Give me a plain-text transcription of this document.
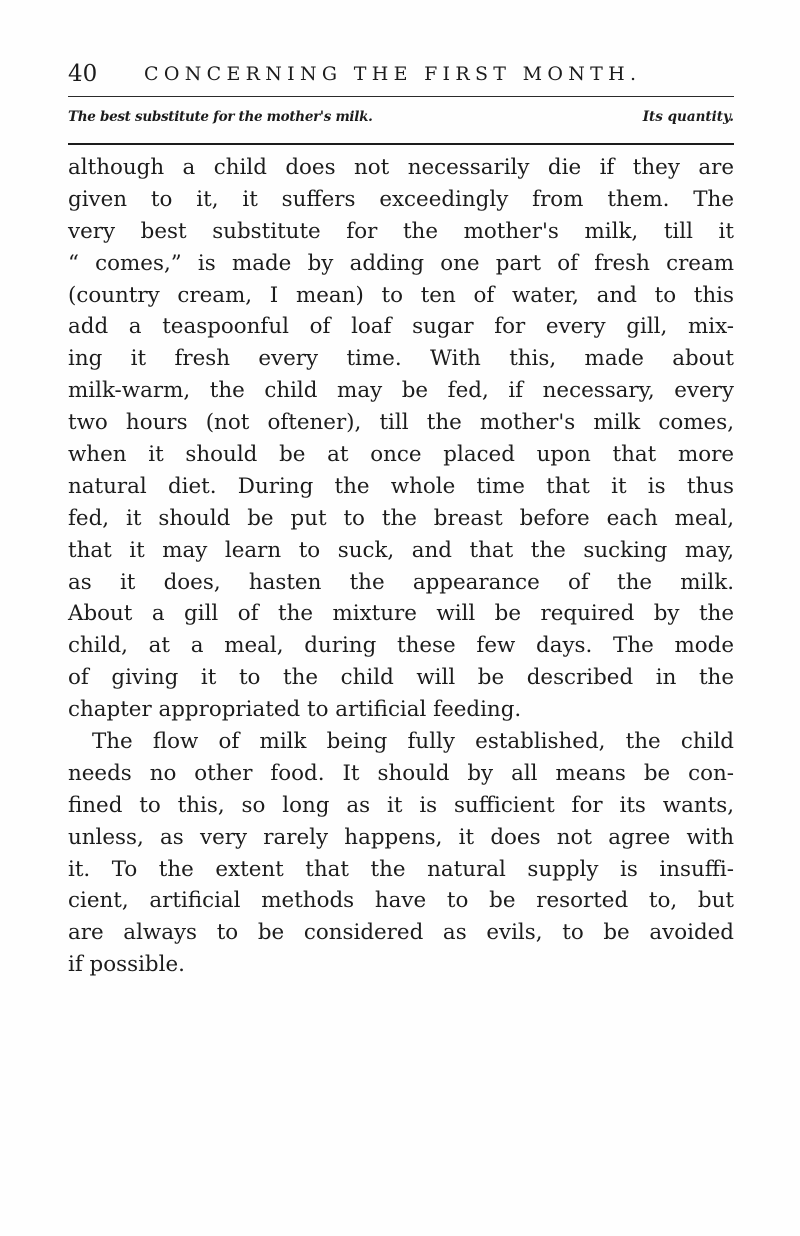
40 CONCERNING THE FIRST MONTH.
The best substitute for the mother's milk.	Its quantity.
although a child does not necessarily die if they are
given to it, it suffers exceedingly from them. The
very best substitute for the mother's milk, till it
“ comes,” is made by adding one part of fresh cream
(country cream, I mean) to ten of water, and to this
add a teaspoonful of loaf sugar for every gill, mix-
ing it fresh every time. With this, made about
milk-warm, the child may be fed, if necessary, every
two hours (not oftener), till the mother's milk comes,
when it should be at once placed upon that more
natural diet. During the whole time that it is thus
fed, it should be put to the breast before each meal,
that it may learn to suck, and that the sucking may,
as it does, hasten the appearance of the milk.
About a gill of the mixture will be required by the
child, at a meal, during these few days. The mode
of giving it to the child will be described in the
chapter appropriated to artificial feeding.
The flow of milk being fully established, the child
needs no other food. It should by all means be con-
fined to this, so long as it is sufficient for its wants,
unless, as very rarely happens, it does not agree with
it. To the extent that the natural supply is insuffi-
cient, artificial methods have to be resorted to, but
are always to be considered as evils, to be avoided
if possible.
